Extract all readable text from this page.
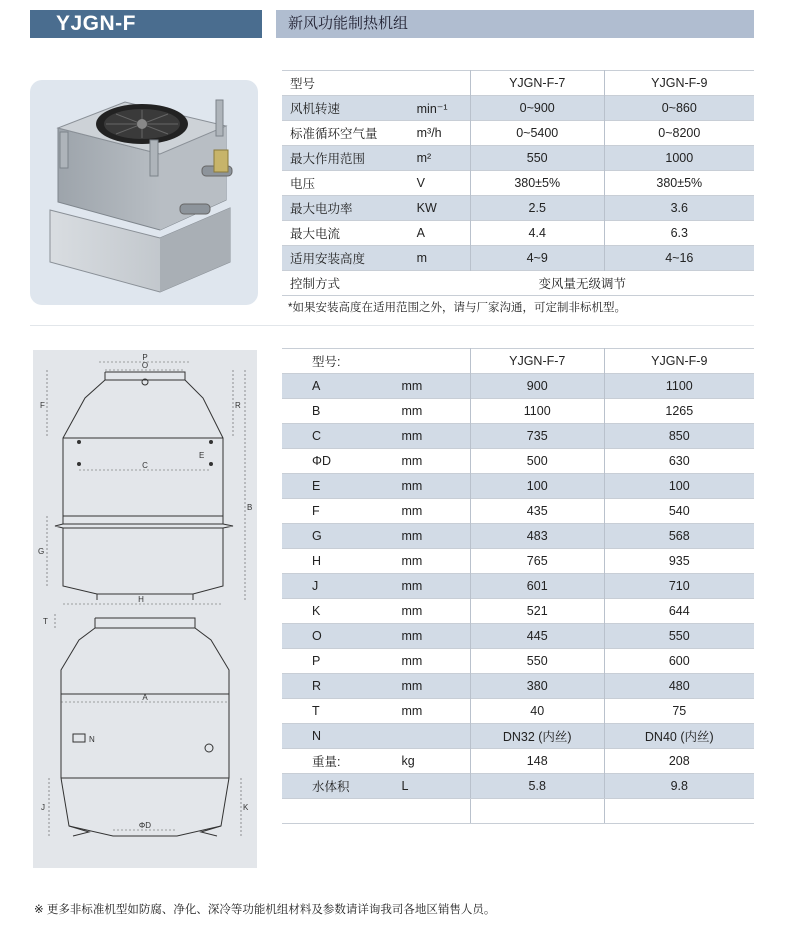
YJGN-F	新风功能制热机组
型号		YJGN-F-7	YJGN-F-9
风机转速	min⁻¹	0~900	0~860
标准循环空气量	m³/h	0~5400	0~8200
最大作用范围	m²	550	1000
电压	V	380±5%	380±5%
最大电功率	KW	2.5	3.6
最大电流	A	4.4	6.3
适用安装高度	m	4~9	4~16
控制方式	变风量无级调节		
*如果安装高度在适用范围之外，请与厂家沟通，可定制非标机型。
P
O
F	R
E
C
B
G
H
T
A
N
J	K
ΦD
型号:		YJGN-F-7	YJGN-F-9
A	mm	900	1100
B	mm	1100	1265
C	mm	735	850
ΦD	mm	500	630
E	mm	100	100
F	mm	435	540
G	mm	483	568
H	mm	765	935
J	mm	601	710
K	mm	521	644
O	mm	445	550
P	mm	550	600
R	mm	380	480
T	mm	40	75
N		DN32 (内丝)	DN40 (内丝)
重量:	kg	148	208
水体积	L	5.8	9.8

※ 更多非标准机型如防腐、净化、深冷等功能机组材料及参数请详询我司各地区销售人员。
